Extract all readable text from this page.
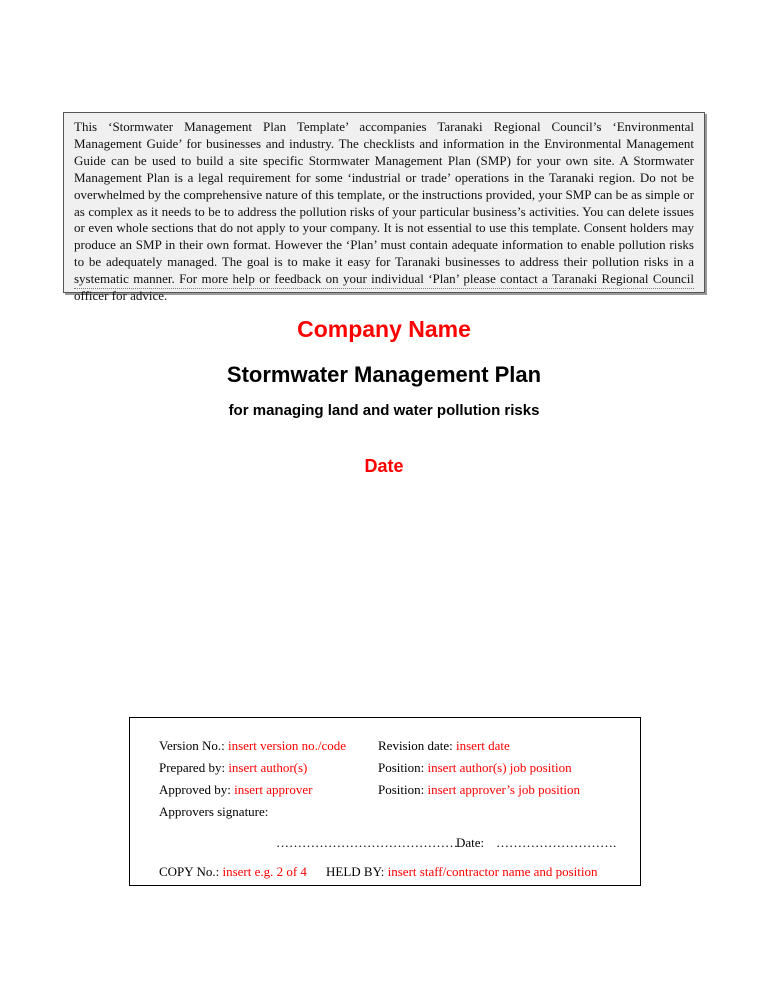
This ‘Stormwater Management Plan Template’ accompanies Taranaki Regional Council’s ‘Environmental Management Guide’ for businesses and industry. The checklists and information in the Environmental Management Guide can be used to build a site specific Stormwater Management Plan (SMP) for your own site. A Stormwater Management Plan is a legal requirement for some ‘industrial or trade’ operations in the Taranaki region. Do not be overwhelmed by the comprehensive nature of this template, or the instructions provided, your SMP can be as simple or as complex as it needs to be to address the pollution risks of your particular business’s activities. You can delete issues or even whole sections that do not apply to your company. It is not essential to use this template. Consent holders may produce an SMP in their own format. However the ‘Plan’ must contain adequate information to enable pollution risks to be adequately managed. The goal is to make it easy for Taranaki businesses to address their pollution risks in a systematic manner. For more help or feedback on your individual ‘Plan’ please contact a Taranaki Regional Council officer for advice.

Company Name
Stormwater Management Plan
for managing land and water pollution risks
Date
Version No.: insert version no./code Revision date: insert date
Prepared by: insert author(s)	Position: insert author(s) job position
Approved by: insert approver	Position: insert approver’s job position
Approvers signature:
……………………………………
Date: ……………………….
COPY No.: insert e.g. 2 of 4 HELD BY: insert staff/contractor name and position
